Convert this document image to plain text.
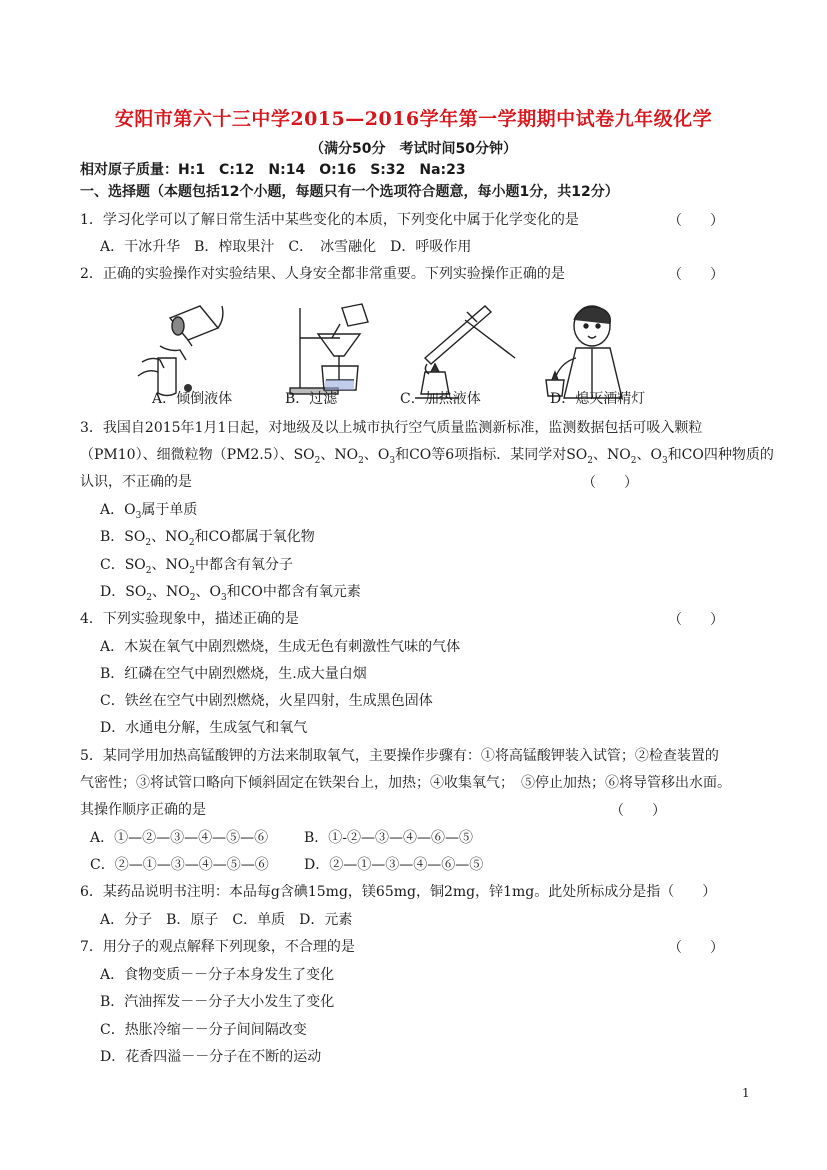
安阳市第六十三中学2015—2016学年第一学期期中试卷九年级化学
（满分50分　考试时间50分钟）
相对原子质量：H:1　C:12　N:14　O:16　S:32　Na:23
一、选择题（本题包括12个小题，每题只有一个选项符合题意，每小题1分，共12分）
1．学习化学可以了解日常生活中某些变化的本质，下列变化中属于化学变化的是	（　　）
A．干冰升华　B．榨取果汁　C．　冰雪融化　D．呼吸作用
2．正确的实验操作对实验结果、人身安全都非常重要。下列实验操作正确的是	（　　）
A．倾倒液体	B．过滤	C．加热液体	D．熄灭酒精灯
3．我国自2015年1月1日起，对地级及以上城市执行空气质量监测新标准，监测数据包括可吸入颗粒
（PM10）、细微粒物（PM2.5）、$SO_2$、$NO_2$、$O_3$和CO等6项指标．某同学对$SO_2$、$NO_2$、$O_3$和CO四种物质的
认识，不正确的是	（　　）
A．$O_3$属于单质
B．$SO_2$、$NO_2$和CO都属于氧化物
C．$SO_2$、$NO_2$中都含有氧分子
D．$SO_2$、$NO_2$、$O_3$和CO中都含有氧元素
4．下列实验现象中，描述正确的是	（　　）
A．木炭在氧气中剧烈燃烧，生成无色有刺激性气味的气体
B．红磷在空气中剧烈燃烧，生.成大量白烟
C．铁丝在空气中剧烈燃烧，火星四射，生成黑色固体
D．水通电分解，生成氢气和氧气
5．某同学用加热高锰酸钾的方法来制取氧气，主要操作步骤有：①将高锰酸钾装入试管；②检查装置的
气密性；③将试管口略向下倾斜固定在铁架台上，加热；④收集氧气；　⑤停止加热；⑥将导管移出水面。
其操作顺序正确的是	（　　）
A．①—②—③—④—⑤—⑥	B．①-②—③—④—⑥—⑤
C．②—①—③—④—⑤—⑥	D．②—①—③—④—⑥—⑤
6．某药品说明书注明：本品每g含碘15mg，镁65mg，铜2mg，锌1mg。此处所标成分是指（　　）
A．分子　B．原子　C．单质　D．元素
7．用分子的观点解释下列现象，不合理的是	（　　）
A．食物变质－－分子本身发生了变化
B．汽油挥发－－分子大小发生了变化
C．热胀冷缩－－分子间间隔改变
D．花香四溢－－分子在不断的运动
1
